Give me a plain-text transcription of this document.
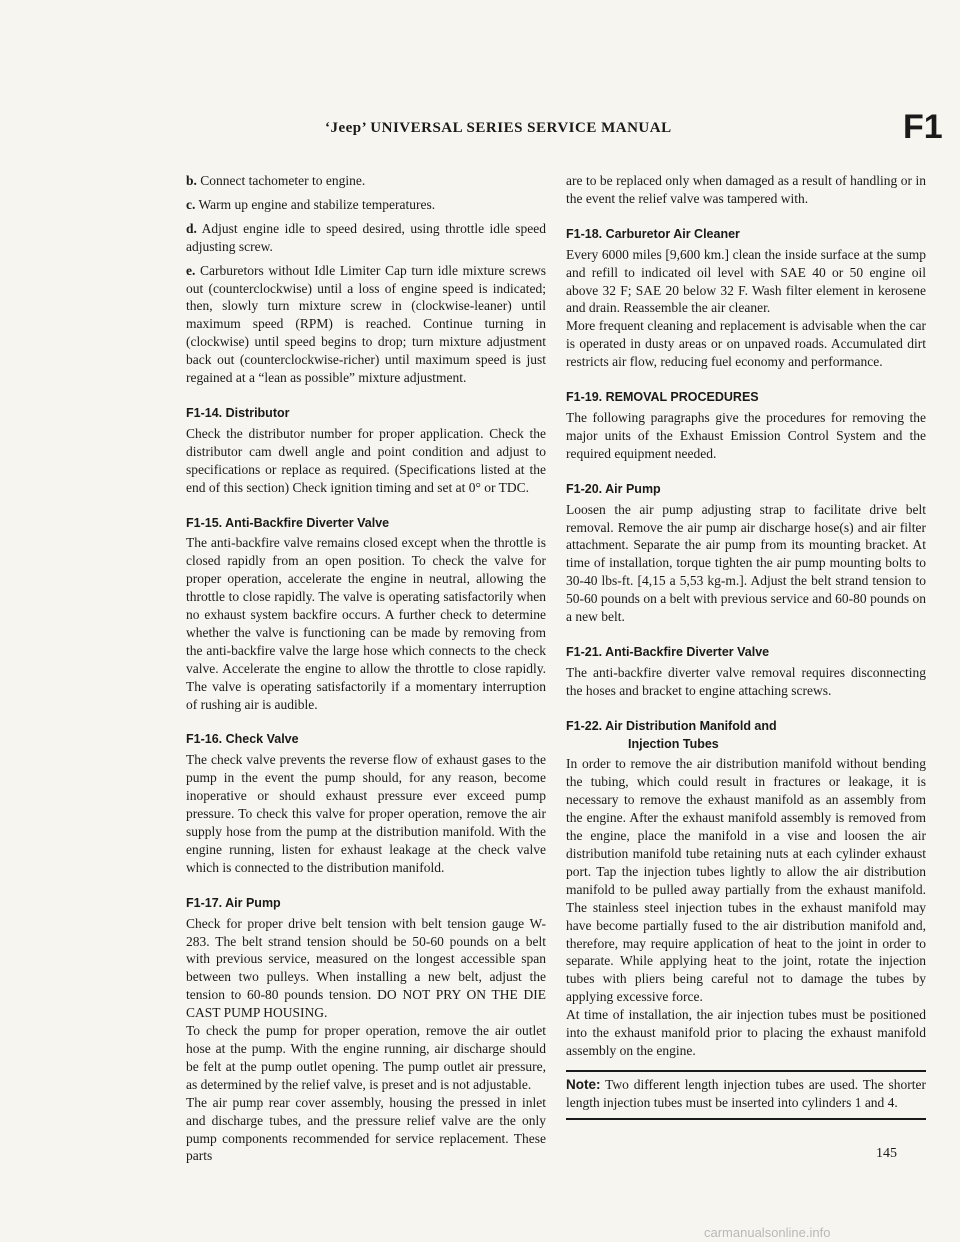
‘Jeep’ UNIVERSAL SERIES SERVICE MANUAL	F1

b. Connect tachometer to engine.

c. Warm up engine and stabilize temperatures.

d. Adjust engine idle to speed desired, using throttle idle speed adjusting screw.

e. Carburetors without Idle Limiter Cap turn idle mixture screws out (counterclockwise) until a loss of engine speed is indicated; then, slowly turn mixture screw in (clockwise-leaner) until maximum speed (RPM) is reached. Continue turning in (clockwise) until speed begins to drop; turn mixture adjustment back out (counterclockwise-richer) until maximum speed is just regained at a “lean as possible” mixture adjustment.

F1-14. Distributor

Check the distributor number for proper application. Check the distributor cam dwell angle and point condition and adjust to specifications or replace as required. (Specifications listed at the end of this section) Check ignition timing and set at 0° or TDC.

F1-15. Anti-Backfire Diverter Valve

The anti-backfire valve remains closed except when the throttle is closed rapidly from an open position. To check the valve for proper operation, accelerate the engine in neutral, allowing the throttle to close rapidly. The valve is operating satisfactorily when no exhaust system backfire occurs. A further check to determine whether the valve is functioning can be made by removing from the anti-backfire valve the large hose which connects to the check valve. Accelerate the engine to allow the throttle to close rapidly. The valve is operating satisfactorily if a momentary interruption of rushing air is audible.

F1-16. Check Valve

The check valve prevents the reverse flow of exhaust gases to the pump in the event the pump should, for any reason, become inoperative or should exhaust pressure ever exceed pump pressure. To check this valve for proper operation, remove the air supply hose from the pump at the distribution manifold. With the engine running, listen for exhaust leakage at the check valve which is connected to the distribution manifold.

F1-17. Air Pump

Check for proper drive belt tension with belt tension gauge W-283. The belt strand tension should be 50-60 pounds on a belt with previous service, measured on the longest accessible span between two pulleys. When installing a new belt, adjust the tension to 60-80 pounds tension. DO NOT PRY ON THE DIE CAST PUMP HOUSING.

To check the pump for proper operation, remove the air outlet hose at the pump. With the engine running, air discharge should be felt at the pump outlet opening. The pump outlet air pressure, as determined by the relief valve, is preset and is not adjustable.

The air pump rear cover assembly, housing the pressed in inlet and discharge tubes, and the pressure relief valve are the only pump components recommended for service replacement. These parts

are to be replaced only when damaged as a result of handling or in the event the relief valve was tampered with.

F1-18. Carburetor Air Cleaner

Every 6000 miles [9,600 km.] clean the inside surface at the sump and refill to indicated oil level with SAE 40 or 50 engine oil above 32 F; SAE 20 below 32 F. Wash filter element in kerosene and drain. Reassemble the air cleaner.

More frequent cleaning and replacement is advisable when the car is operated in dusty areas or on unpaved roads. Accumulated dirt restricts air flow, reducing fuel economy and performance.

F1-19. REMOVAL PROCEDURES

The following paragraphs give the procedures for removing the major units of the Exhaust Emission Control System and the required equipment needed.

F1-20. Air Pump

Loosen the air pump adjusting strap to facilitate drive belt removal. Remove the air pump air discharge hose(s) and air filter attachment. Separate the air pump from its mounting bracket. At time of installation, torque tighten the air pump mounting bolts to 30-40 lbs-ft. [4,15 a 5,53 kg-m.]. Adjust the belt strand tension to 50-60 pounds on a belt with previous service and 60-80 pounds on a new belt.

F1-21. Anti-Backfire Diverter Valve

The anti-backfire diverter valve removal requires disconnecting the hoses and bracket to engine attaching screws.

F1-22. Air Distribution Manifold and
Injection Tubes

In order to remove the air distribution manifold without bending the tubing, which could result in fractures or leakage, it is necessary to remove the exhaust manifold as an assembly from the engine. After the exhaust manifold assembly is removed from the engine, place the manifold in a vise and loosen the air distribution manifold tube retaining nuts at each cylinder exhaust port. Tap the injection tubes lightly to allow the air distribution manifold to be pulled away partially from the exhaust manifold. The stainless steel injection tubes in the exhaust manifold may have become partially fused to the air distribution manifold and, therefore, may require application of heat to the joint in order to separate. While applying heat to the joint, rotate the injection tubes with pliers being careful not to damage the tubes by applying excessive force.

At time of installation, the air injection tubes must be positioned into the exhaust manifold prior to placing the exhaust manifold assembly on the engine.

Note: Two different length injection tubes are used. The shorter length injection tubes must be inserted into cylinders 1 and 4.

145
carmanualsonline.info
